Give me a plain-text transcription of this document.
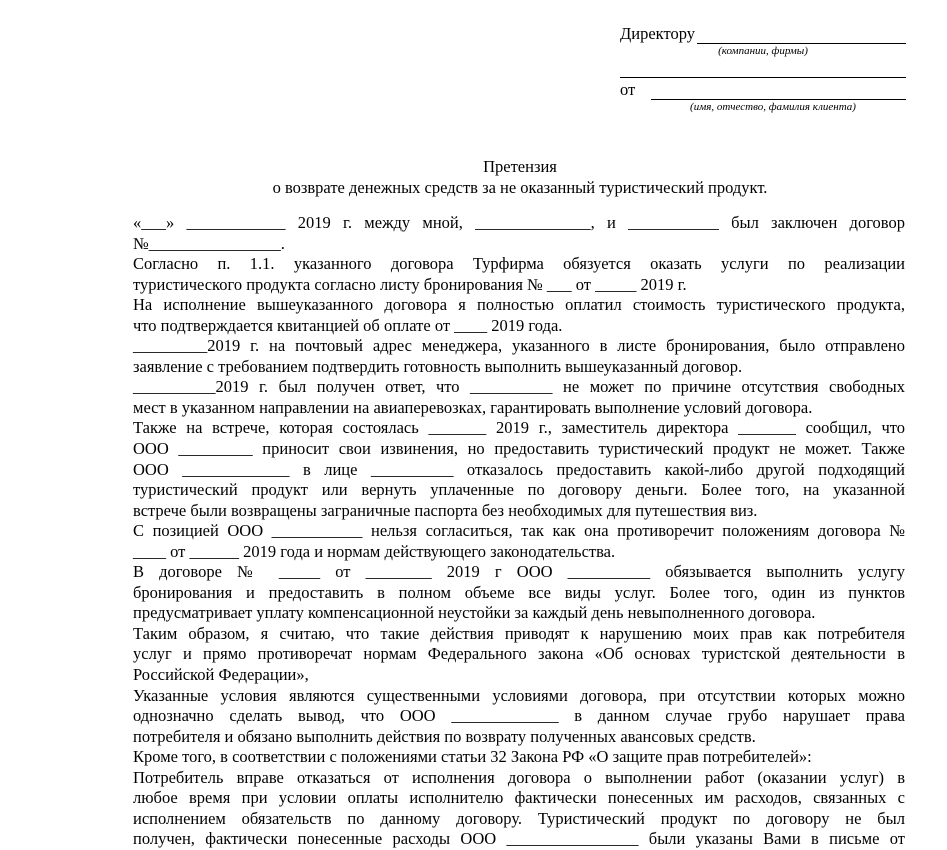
Директору
(компании, фирмы)
от
(имя, отчество, фамилия клиента)
Претензия
о возврате денежных средств за не оказанный туристический продукт.

«___» ____________ 2019 г. между мной, ______________, и ___________ был заключен договор

№________________.

Согласно п. 1.1. указанного договора Турфирма обязуется оказать услуги по реализации

туристического продукта согласно листу бронирования № ___ от _____ 2019 г.

На исполнение вышеуказанного договора я полностью оплатил стоимость туристического продукта,

что подтверждается квитанцией об оплате от ____ 2019 года.

_________2019 г. на почтовый адрес менеджера, указанного в листе бронирования, было отправлено

заявление с требованием подтвердить готовность выполнить вышеуказанный договор.

__________2019 г. был получен ответ, что __________ не может по причине отсутствия свободных

мест в указанном направлении на авиаперевозках, гарантировать выполнение условий договора.

Также на встрече, которая состоялась _______ 2019 г., заместитель директора _______ сообщил, что

ООО _________ приносит свои извинения, но предоставить туристический продукт не может. Также

ООО _____________ в лице __________ отказалось предоставить какой-либо другой подходящий

туристический продукт или вернуть уплаченные по договору деньги. Более того, на указанной

встрече были возвращены заграничные паспорта без необходимых для путешествия виз.

С позицией ООО ___________ нельзя согласиться, так как она противоречит положениям договора №

____ от ______ 2019 года и нормам действующего законодательства.

В договоре № _____ от ________ 2019 г ООО __________ обязывается выполнить услугу

бронирования и предоставить в полном объеме все виды услуг. Более того, один из пунктов

предусматривает уплату компенсационной неустойки за каждый день невыполненного договора.

Таким образом, я считаю, что такие действия приводят к нарушению моих прав как потребителя

услуг и прямо противоречат нормам Федерального закона «Об основах туристской деятельности в

Российской Федерации»,

Указанные условия являются существенными условиями договора, при отсутствии которых можно

однозначно сделать вывод, что ООО _____________ в данном случае грубо нарушает права

потребителя и обязано выполнить действия по возврату полученных авансовых средств.

Кроме того, в соответствии с положениями статьи 32 Закона РФ «О защите прав потребителей»:

Потребитель вправе отказаться от исполнения договора о выполнении работ (оказании услуг) в

любое время при условии оплаты исполнителю фактически понесенных им расходов, связанных с

исполнением обязательств по данному договору. Туристический продукт по договору не был

получен, фактически понесенные расходы ООО ________________ были указаны Вами в письме от
